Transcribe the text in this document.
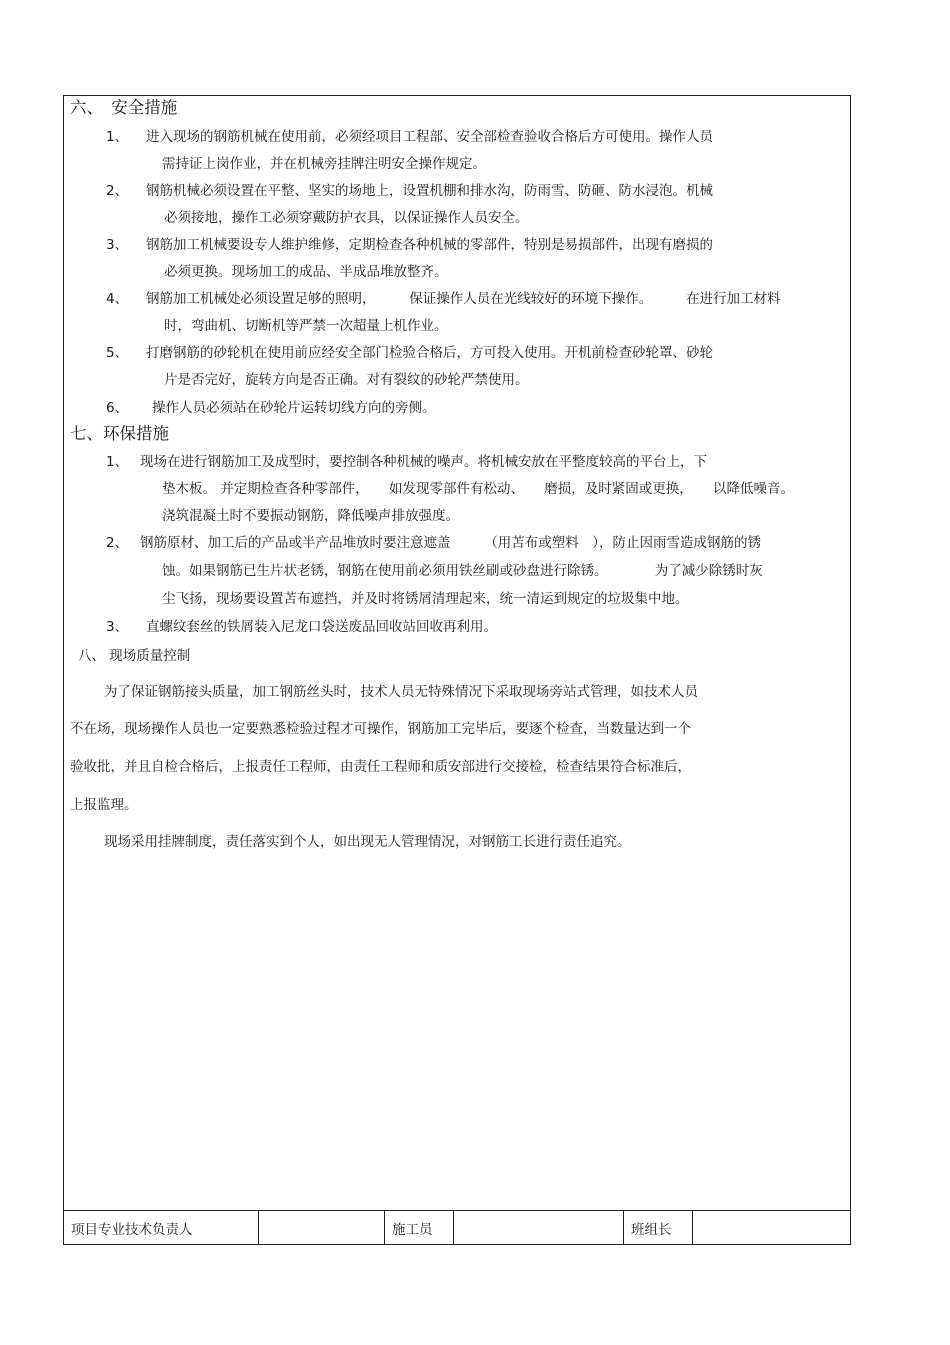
六、　安全措施
1、 进入现场的钢筋机械在使用前，必须经项目工程部、安全部检查验收合格后方可使用。操作人员
需持证上岗作业，并在机械旁挂牌注明安全操作规定。
2、 钢筋机械必须设置在平整、坚实的场地上，设置机棚和排水沟，防雨雪、防砸、防水浸泡。机械
必须接地，操作工必须穿戴防护衣具，以保证操作人员安全。
3、 钢筋加工机械要设专人维护维修，定期检查各种机械的零部件，特别是易损部件，出现有磨损的
必须更换。现场加工的成品、半成品堆放整齐。
4、 钢筋加工机械处必须设置足够的照明，　　　保证操作人员在光线较好的环境下操作。　　　在进行加工材料
时，弯曲机、切断机等严禁一次超量上机作业。
5、 打磨钢筋的砂轮机在使用前应经安全部门检验合格后，方可投入使用。开机前检查砂轮罩、砂轮
片是否完好，旋转方向是否正确。对有裂纹的砂轮严禁使用。
6、 操作人员必须站在砂轮片运转切线方向的旁侧。
七、环保措施
1、 现场在进行钢筋加工及成型时，要控制各种机械的噪声。将机械安放在平整度较高的平台上，下
垫木板。 并定期检查各种零部件，　　如发现零部件有松动、　　磨损，及时紧固或更换，　　以降低噪音。
浇筑混凝土时不要振动钢筋，降低噪声排放强度。
2、 钢筋原材、加工后的产品或半产品堆放时要注意遮盖　　　（用苫布或塑料　），防止因雨雪造成钢筋的锈
蚀。如果钢筋已生片状老锈，钢筋在使用前必须用铁丝刷或砂盘进行除锈。　　　　为了减少除锈时灰
尘飞扬，现场要设置苫布遮挡，并及时将锈屑清理起来，统一清运到规定的垃圾集中地。
3、 直螺纹套丝的铁屑装入尼龙口袋送废品回收站回收再利用。
八、 现场质量控制
为了保证钢筋接头质量，加工钢筋丝头时，技术人员无特殊情况下采取现场旁站式管理，如技术人员
不在场，现场操作人员也一定要熟悉检验过程才可操作，钢筋加工完毕后，要逐个检查，当数量达到一个
验收批，并且自检合格后，上报责任工程师，由责任工程师和质安部进行交接检，检查结果符合标准后，
上报监理。
现场采用挂牌制度，责任落实到个人，如出现无人管理情况，对钢筋工长进行责任追究。
项目专业技术负责人	施工员	班组长
